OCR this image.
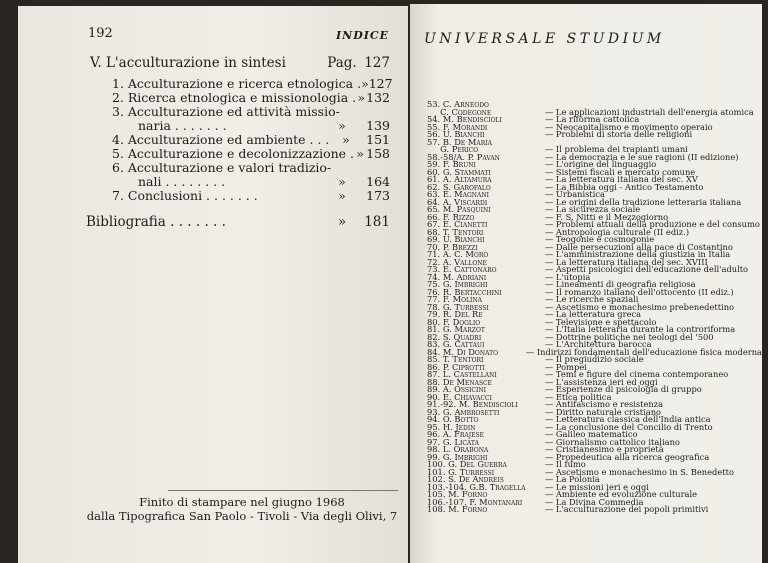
192	INDICE
V. L'acculturazione in sintesi	Pag. 127
1. Acculturazione e ricerca etnologica . » 127
2. Ricerca etnologica e missionologia . » 132
3. Acculturazione ed attività missio-
naria . . . . . . .	»	139
4. Acculturazione ed ambiente . . .	»	151
5. Acculturazione e decolonizzazione . » 158
6. Acculturazione e valori tradizio-
nali . . . . . . . .	»	164
7. Conclusioni . . . . . . .	»	173
Bibliografia . . . . . . .	»	181
Finito di stampare nel giugno 1968
dalla Tipografica San Paolo - Tivoli - Via degli Olivi, 7
UNIVERSALE STUDIUM
53. C. Arneodo
C. Codegone	— Le applicazioni industriali dell'energia atomica
54. M. Bendiscioli	— La riforma cattolica
55. F. Morandi	— Neocapitalismo e movimento operaio
56. U. Bianchi	— Problemi di storia delle religioni
57. B. De Maria
G. Perico	— Il problema dei trapianti umani
58.-58/A. P. Pavan	— La democrazia e le sue ragioni (II edizione)
59. F. Bruni	— L'origine del linguaggio
60. G. Stammati	— Sistemi fiscali e mercato comune
61. A. Altamura	— La letteratura italiana del sec. XV
62. S. Garofalo	— La Bibbia oggi - Antico Testamento
63. E. Magnani	— Urbanistica
64. A. Viscardi	— Le origini della tradizione letteraria italiana
65. M. Pasquini	— La sicurezza sociale
66. F. Rizzo	— F. S. Nitti e il Mezzogiorno
67. E. Cianetti	— Problemi attuali della produzione e del consumo
68. T. Tentori	— Antropologia culturale (II ediz.)
69. U. Bianchi	— Teogonie e cosmogonie
70. P. Brezzi	— Dalle persecuzioni alla pace di Costantino
71. A. C. Moro	— L'amministrazione della giustizia in Italia
72. A. Vallone	— La letteratura italiana del sec. XVIII
73. E. Cattonaro	— Aspetti psicologici dell'educazione dell'adulto
74. M. Adriani	— L'utopia
75. G. Imbrighi	— Lineamenti di geografia religiosa
76. R. Bertacchini	— Il romanzo italiano dell'ottocento (II ediz.)
77. F. Molina	— Le ricerche spaziali
78. G. Turbessi	— Ascetismo e monachesimo prebenedettino
79. R. Del Re	— La letteratura greca
80. F. Doglio	— Televisione e spettacolo
81. G. Marzot	— L'Italia letteraria durante la controriforma
82. S. Quadri	— Dottrine politiche nei teologi del '500
83. G. Cattaui	— L'Architettura barocca
84. M. Di Donato	— Indirizzi fondamentali dell'educazione fisica moderna
85. T. Tentori	— Il pregiudizio sociale
86. P. Ciprotti	— Pompei
87. L. Castellani	— Temi e figure del cinema contemporaneo
88. De Menasce	— L'assistenza ieri ed oggi
89. A. Ossicini	— Esperienze di psicologia di gruppo
90. E. Chiavacci	— Etica politica
91.-92. M. Bendiscioli	— Antifascismo e resistenza
93. G. Ambrosetti	— Diritto naturale cristiano
94. O. Botto	— Letteratura classica dell'India antica
95. H. Jedin	— La conclusione del Concilio di Trento
96. A. Frajese	— Galileo matematico
97. G. Licata	— Giornalismo cattolico italiano
98. L. Orabona	— Cristianesimo e proprietà
99. G. Imbrighi	— Propedeutica alla ricerca geografica
100. G. Del Guerra	— Il fumo
101. G. Turbessi	— Ascetismo e monachesimo in S. Benedetto
102. S. De Andreis	— La Polonia
103.-104. G.B. Tragella	— Le missioni ieri e oggi
105. M. Forno	— Ambiente ed evoluzione culturale
106.-107. F. Montanari	— La Divina Commedia
108. M. Forno	— L'acculturazione dei popoli primitivi
